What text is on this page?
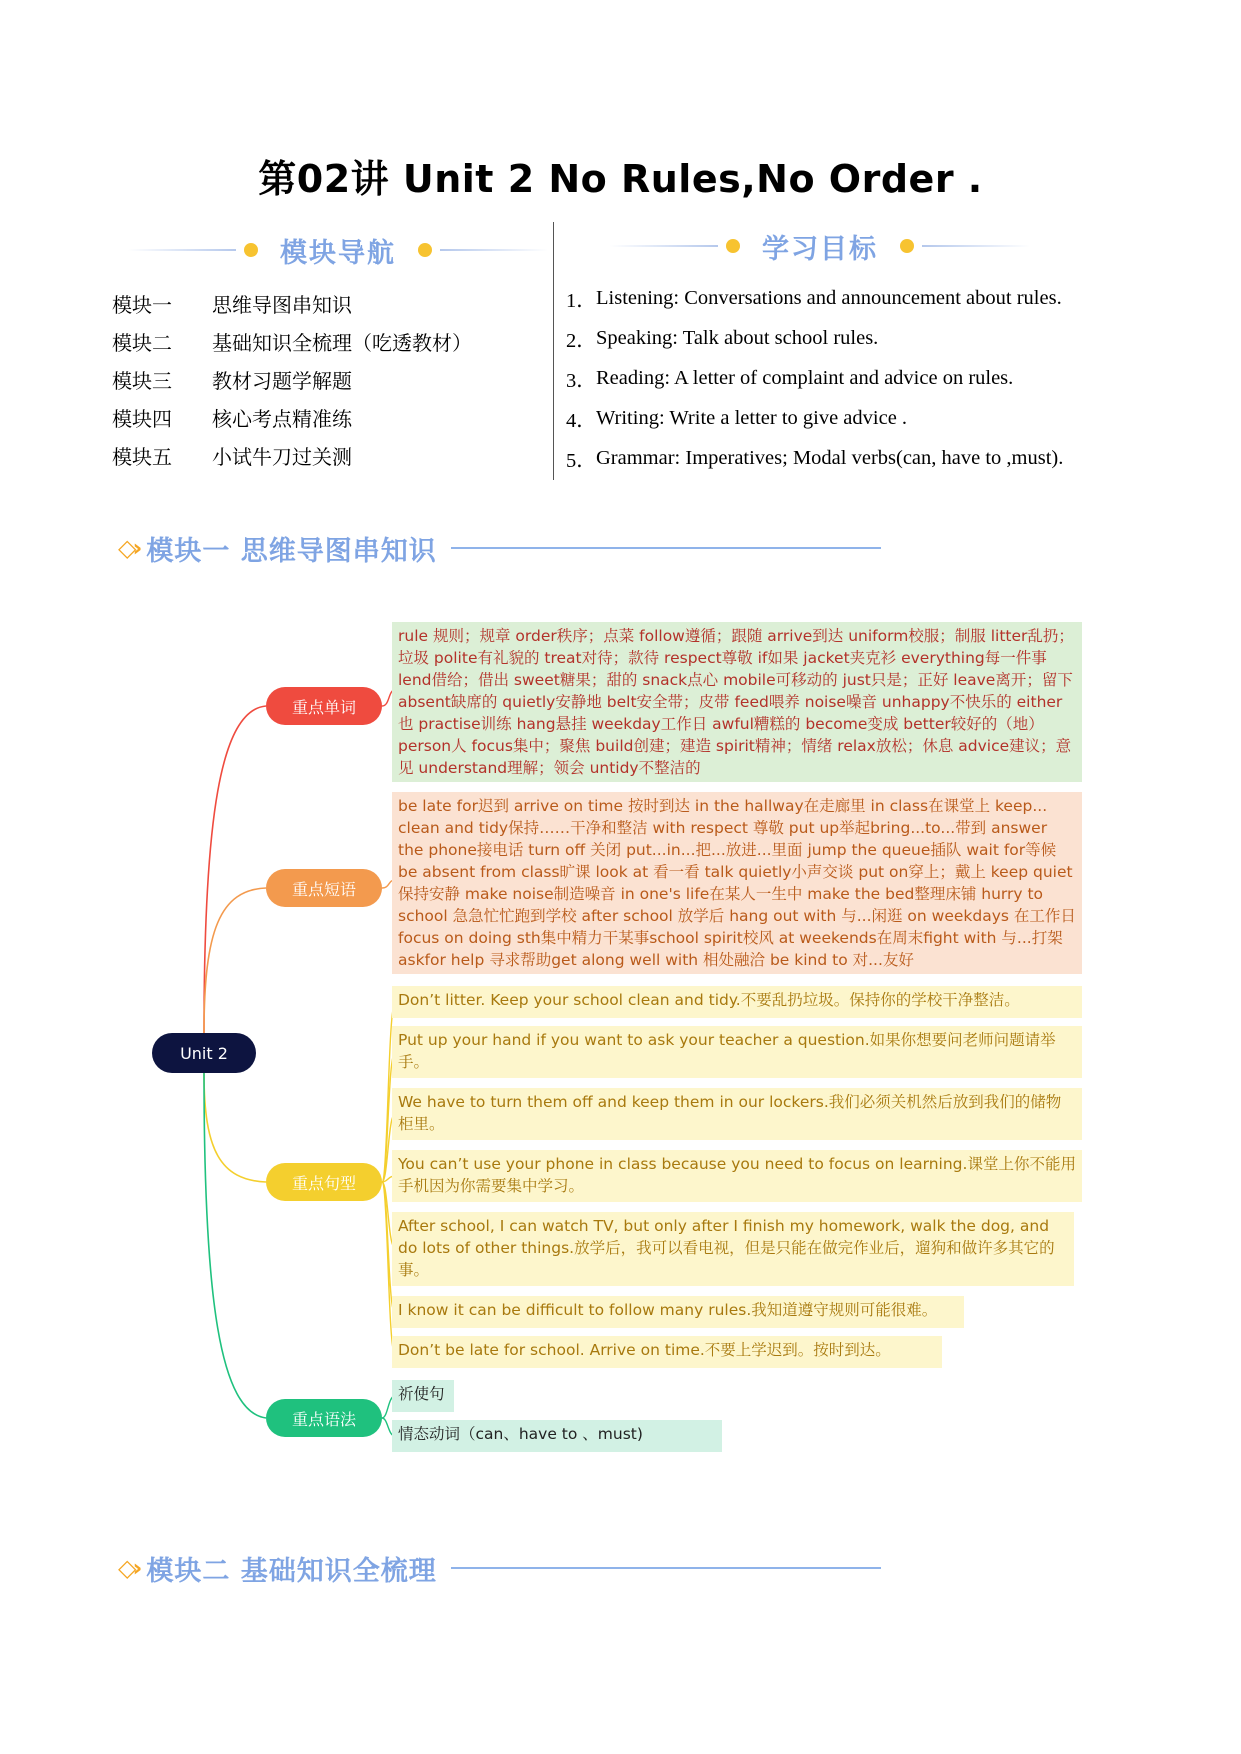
第02讲 Unit 2 No Rules,No Order .
模块导航	学习目标
模块一	思维导图串知识
模块二	基础知识全梳理（吃透教材）
模块三	教材习题学解题
模块四	核心考点精准练
模块五	小试牛刀过关测
1． Listening: Conversations and announcement about rules.
2． Speaking: Talk about school rules.
3． Reading: A letter of complaint and advice on rules.
4． Writing: Write a letter to give advice .
5． Grammar: Imperatives; Modal verbs(can, have to ,must).
◇› 模块一 思维导图串知识
Unit 2
重点单词
重点短语
重点句型
重点语法
rule 规则；规章 order秩序；点菜 follow遵循；跟随 arrive到达 uniform校服；制服 litter乱扔；垃圾 polite有礼貌的 treat对待；款待 respect尊敬 if如果 jacket夹克衫 everything每一件事 lend借给；借出 sweet糖果；甜的 snack点心 mobile可移动的 just只是；正好 leave离开；留下 absent缺席的 quietly安静地 belt安全带；皮带 feed喂养 noise噪音 unhappy不快乐的 either也 practise训练 hang悬挂 weekday工作日 awful糟糕的 become变成 better较好的（地）person人 focus集中；聚焦 build创建；建造 spirit精神；情绪 relax放松；休息 advice建议；意见 understand理解；领会 untidy不整洁的
be late for迟到 arrive on time 按时到达 in the hallway在走廊里 in class在课堂上 keep... clean and tidy保持……干净和整洁 with respect 尊敬 put up举起bring...to...带到 answer the phone接电话 turn off 关闭 put...in...把...放进...里面 jump the queue插队 wait for等候 be absent from class旷课 look at 看一看 talk quietly小声交谈 put on穿上；戴上 keep quiet保持安静 make noise制造噪音 in one's life在某人一生中 make the bed整理床铺 hurry to school 急急忙忙跑到学校 after school 放学后 hang out with 与...闲逛 on weekdays 在工作日focus on doing sth集中精力干某事school spirit校风 at weekends在周末fight with 与...打架 askfor help 寻求帮助get along well with 相处融洽 be kind to 对...友好
Don’t litter. Keep your school clean and tidy.不要乱扔垃圾。保持你的学校干净整洁。
Put up your hand if you want to ask your teacher a question.如果你想要问老师问题请举手。
We have to turn them off and keep them in our lockers.我们必须关机然后放到我们的储物柜里。
You can’t use your phone in class because you need to focus on learning.课堂上你不能用手机因为你需要集中学习。
After school, I can watch TV, but only after I finish my homework, walk the dog, and do lots of other things.放学后，我可以看电视，但是只能在做完作业后，遛狗和做许多其它的事。
I know it can be difficult to follow many rules.我知道遵守规则可能很难。
Don’t be late for school. Arrive on time.不要上学迟到。按时到达。
祈使句
情态动词（can、have to 、must)
◇› 模块二 基础知识全梳理
